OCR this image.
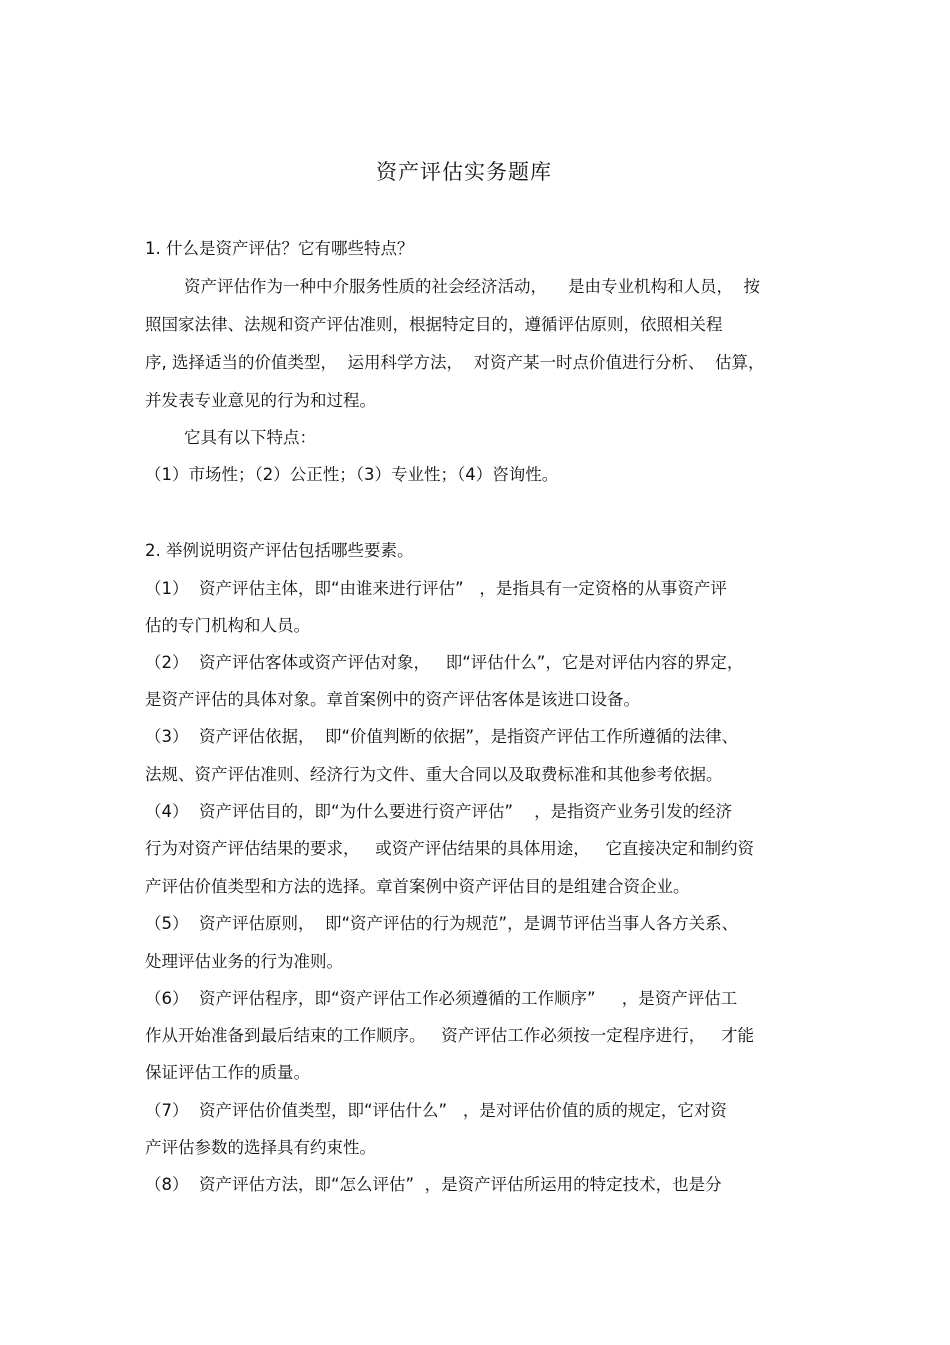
资产评估实务题库
1. 什么是资产评估？它有哪些特点？
资产评估作为一种中介服务性质的社会经济活动，    是由专业机构和人员，  按
照国家法律、法规和资产评估准则，根据特定目的，遵循评估原则，依照相关程
序, 选择适当的价值类型，  运用科学方法，  对资产某一时点价值进行分析、  估算，
并发表专业意见的行为和过程。
它具有以下特点：
（1）市场性；（2）公正性；（3）专业性；（4）咨询性。
2. 举例说明资产评估包括哪些要素。
（1）  资产评估主体，即“由谁来进行评估”   ，是指具有一定资格的从事资产评
估的专门机构和人员。
（2）  资产评估客体或资产评估对象，   即“评估什么”，它是对评估内容的界定，
是资产评估的具体对象。章首案例中的资产评估客体是该进口设备。
（3）  资产评估依据，  即“价值判断的依据”，是指资产评估工作所遵循的法律、
法规、资产评估准则、经济行为文件、重大合同以及取费标准和其他参考依据。
（4）  资产评估目的，即“为什么要进行资产评估”    ，是指资产业务引发的经济
行为对资产评估结果的要求，   或资产评估结果的具体用途，   它直接决定和制约资
产评估价值类型和方法的选择。章首案例中资产评估目的是组建合资企业。
（5）  资产评估原则，  即“资产评估的行为规范”，是调节评估当事人各方关系、
处理评估业务的行为准则。
（6）  资产评估程序，即“资产评估工作必须遵循的工作顺序”     ，是资产评估工
作从开始准备到最后结束的工作顺序。   资产评估工作必须按一定程序进行，   才能
保证评估工作的质量。
（7）  资产评估价值类型，即“评估什么”   ，是对评估价值的质的规定，它对资
产评估参数的选择具有约束性。
（8）  资产评估方法，即“怎么评估”  ，是资产评估所运用的特定技术，也是分
